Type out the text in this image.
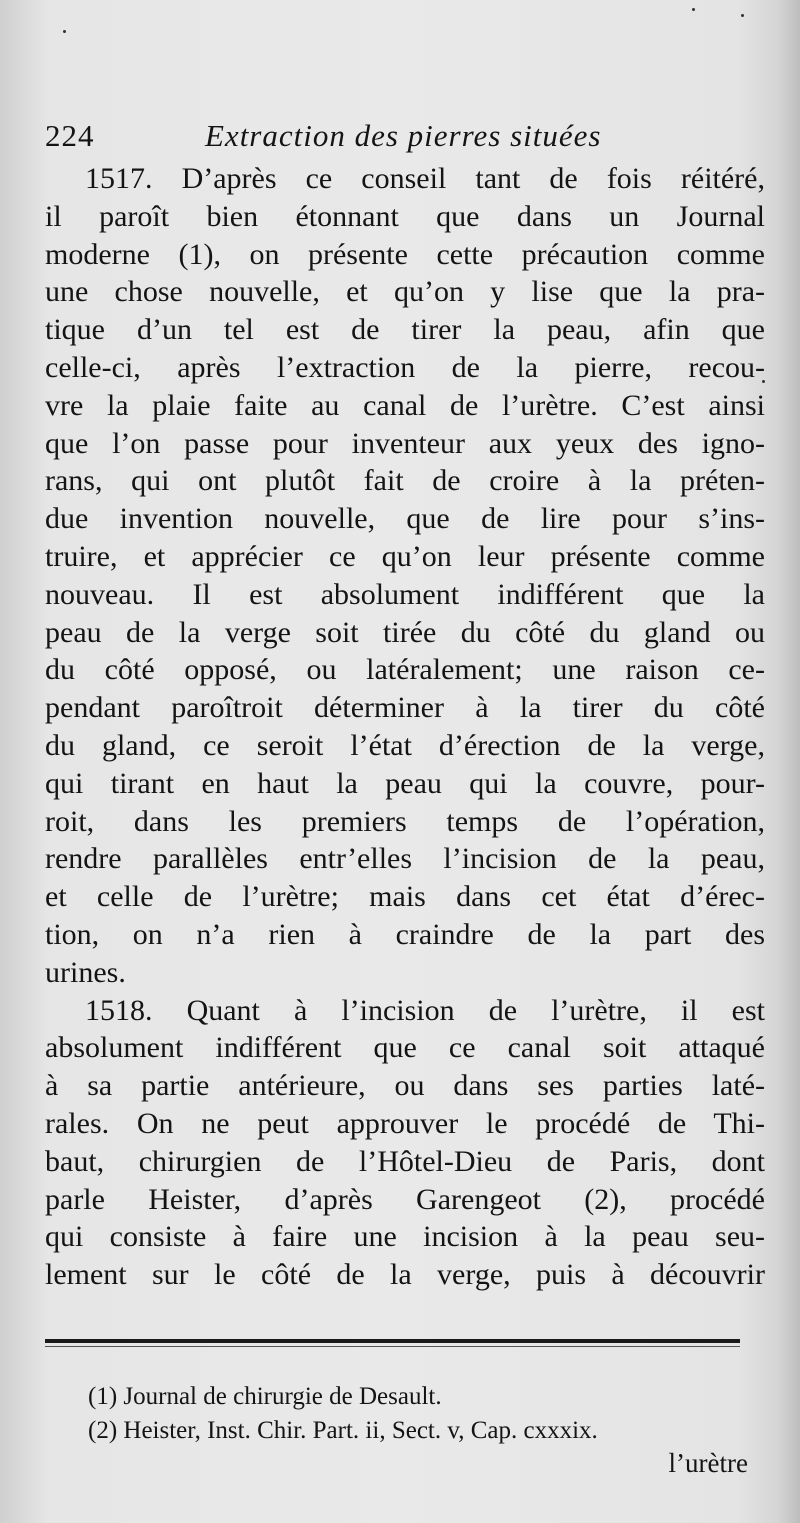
224	Extraction des pierres situées
1517. D’après ce conseil tant de fois réitéré,
il paroît bien étonnant que dans un Journal
moderne (1), on présente cette précaution comme
une chose nouvelle, et qu’on y lise que la pra-
tique d’un tel est de tirer la peau, afin que
celle-ci, après l’extraction de la pierre, recou-
vre la plaie faite au canal de l’urètre. C’est ainsi
que l’on passe pour inventeur aux yeux des igno-
rans, qui ont plutôt fait de croire à la préten-
due invention nouvelle, que de lire pour s’ins-
truire, et apprécier ce qu’on leur présente comme
nouveau. Il est absolument indifférent que la
peau de la verge soit tirée du côté du gland ou
du côté opposé, ou latéralement; une raison ce-
pendant paroîtroit déterminer à la tirer du côté
du gland, ce seroit l’état d’érection de la verge,
qui tirant en haut la peau qui la couvre, pour-
roit, dans les premiers temps de l’opération,
rendre parallèles entr’elles l’incision de la peau,
et celle de l’urètre; mais dans cet état d’érec-
tion, on n’a rien à craindre de la part des
urines.
1518. Quant à l’incision de l’urètre, il est
absolument indifférent que ce canal soit attaqué
à sa partie antérieure, ou dans ses parties laté-
rales. On ne peut approuver le procédé de Thi-
baut, chirurgien de l’Hôtel-Dieu de Paris, dont
parle Heister, d’après Garengeot (2), procédé
qui consiste à faire une incision à la peau seu-
lement sur le côté de la verge, puis à découvrir
(1) Journal de chirurgie de Desault.
(2) Heister, Inst. Chir. Part. ii, Sect. v, Cap. cxxxix.
l’urètre
